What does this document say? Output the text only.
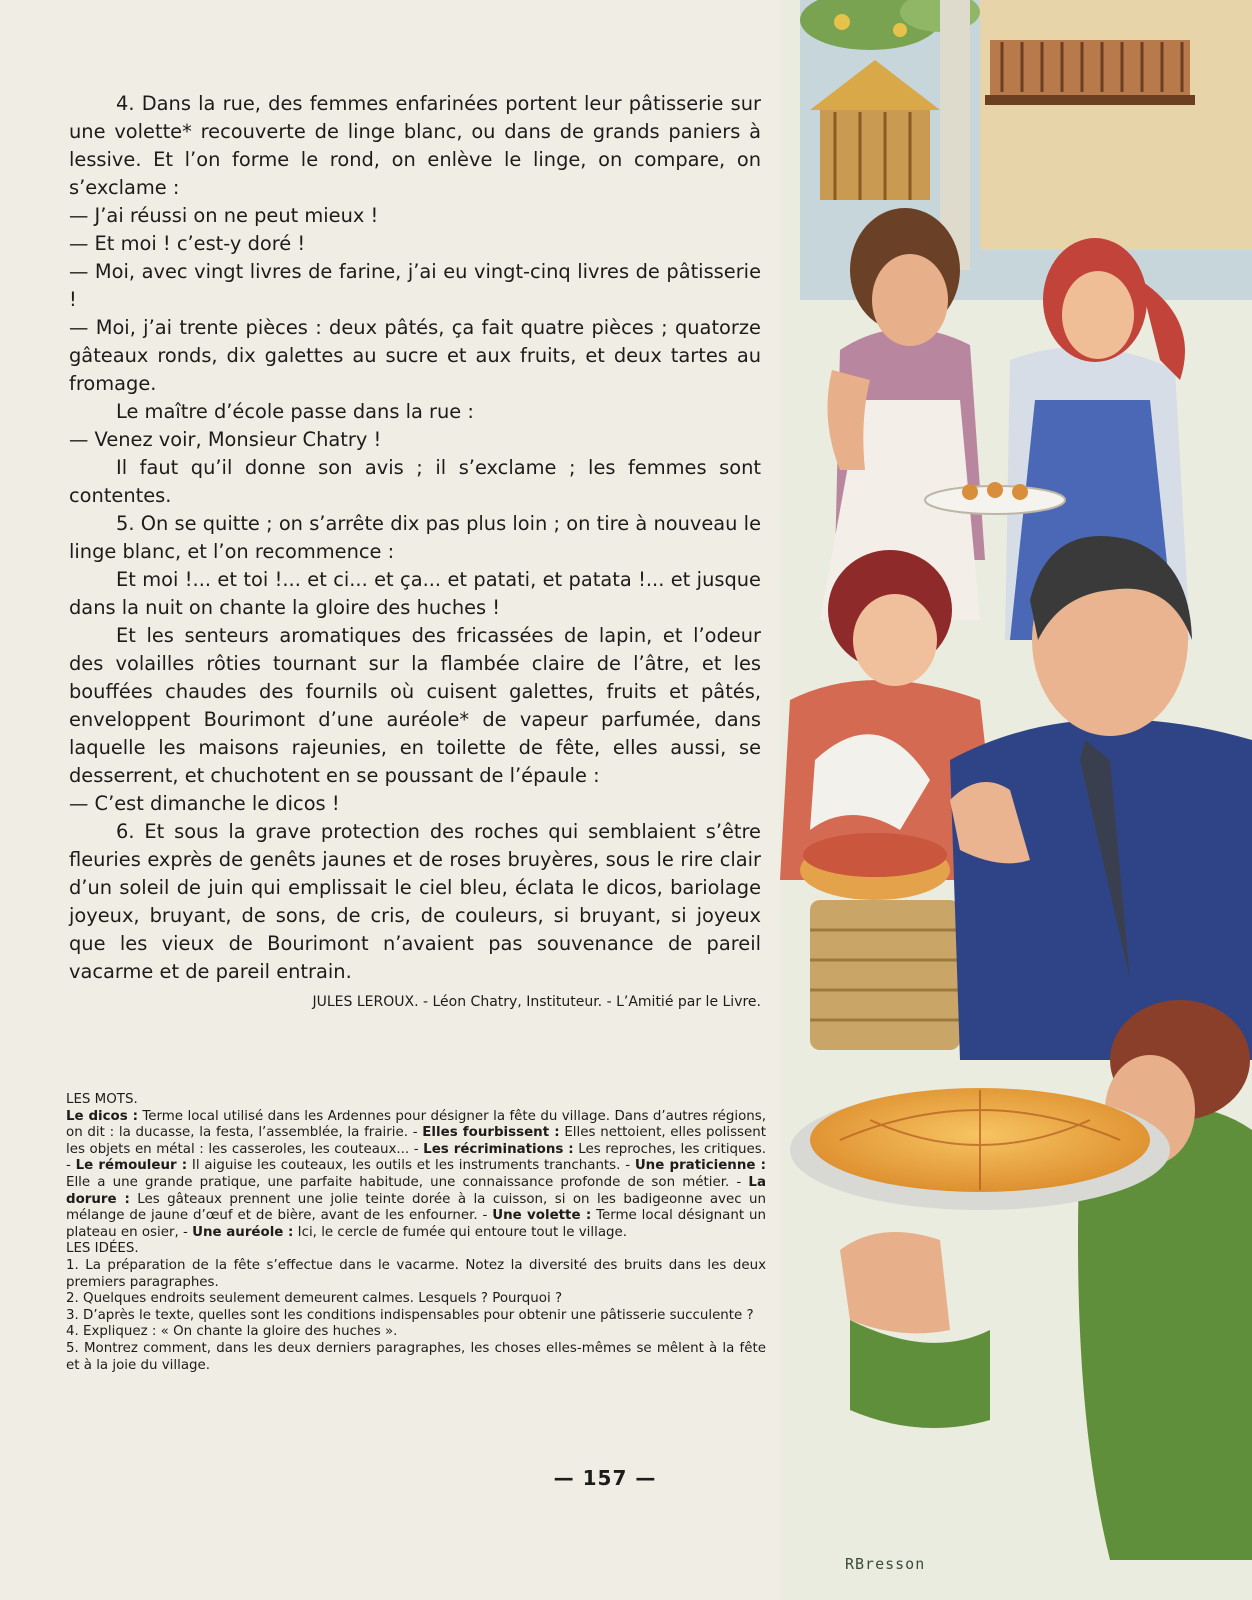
4. Dans la rue, des femmes enfarinées portent leur pâtisserie sur une volette* recouverte de linge blanc, ou dans de grands paniers à lessive. Et l’on forme le rond, on enlève le linge, on compare, on s’exclame :

— J’ai réussi on ne peut mieux !

— Et moi ! c’est-y doré !

— Moi, avec vingt livres de farine, j’ai eu vingt-cinq livres de pâtisserie !

— Moi, j’ai trente pièces : deux pâtés, ça fait quatre pièces ; quatorze gâteaux ronds, dix galettes au sucre et aux fruits, et deux tartes au fromage.

Le maître d’école passe dans la rue :

— Venez voir, Monsieur Chatry !

Il faut qu’il donne son avis ; il s’exclame ; les femmes sont contentes.

5. On se quitte ; on s’arrête dix pas plus loin ; on tire à nouveau le linge blanc, et l’on recommence :

Et moi !... et toi !... et ci... et ça... et patati, et patata !... et jusque dans la nuit on chante la gloire des huches !

Et les senteurs aromatiques des fricassées de lapin, et l’odeur des volailles rôties tournant sur la flambée claire de l’âtre, et les bouffées chaudes des fournils où cuisent galettes, fruits et pâtés, enveloppent Bourimont d’une auréole* de vapeur parfumée, dans laquelle les maisons rajeunies, en toilette de fête, elles aussi, se desserrent, et chuchotent en se poussant de l’épaule :

— C’est dimanche le dicos !

6. Et sous la grave protection des roches qui semblaient s’être fleuries exprès de genêts jaunes et de roses bruyères, sous le rire clair d’un soleil de juin qui emplissait le ciel bleu, éclata le dicos, bariolage joyeux, bruyant, de sons, de cris, de couleurs, si bruyant, si joyeux que les vieux de Bourimont n’avaient pas souvenance de pareil vacarme et de pareil entrain.

JULES LEROUX. - Léon Chatry, Instituteur. - L’Amitié par le Livre.

LES MOTS.

Le dicos : Terme local utilisé dans les Ardennes pour désigner la fête du village. Dans d’autres régions, on dit : la ducasse, la festa, l’assemblée, la frairie. - Elles fourbissent : Elles nettoient, elles polissent les objets en métal : les casseroles, les couteaux... - Les récriminations : Les reproches, les critiques. - Le rémouleur : Il aiguise les couteaux, les outils et les instruments tranchants. - Une praticienne : Elle a une grande pratique, une parfaite habitude, une connaissance profonde de son métier. - La dorure : Les gâteaux prennent une jolie teinte dorée à la cuisson, si on les badigeonne avec un mélange de jaune d’œuf et de bière, avant de les enfourner. - Une volette : Terme local désignant un plateau en osier, - Une auréole : Ici, le cercle de fumée qui entoure tout le village.

LES IDÉES.

1. La préparation de la fête s’effectue dans le vacarme. Notez la diversité des bruits dans les deux premiers paragraphes.
2. Quelques endroits seulement demeurent calmes. Lesquels ? Pourquoi ?
3. D’après le texte, quelles sont les conditions indispensables pour obtenir une pâtisserie succulente ?
4. Expliquez : « On chante la gloire des huches ».
5. Montrez comment, dans les deux derniers paragraphes, les choses elles-mêmes se mêlent à la fête et à la joie du village.
— 157 —
RBresson
